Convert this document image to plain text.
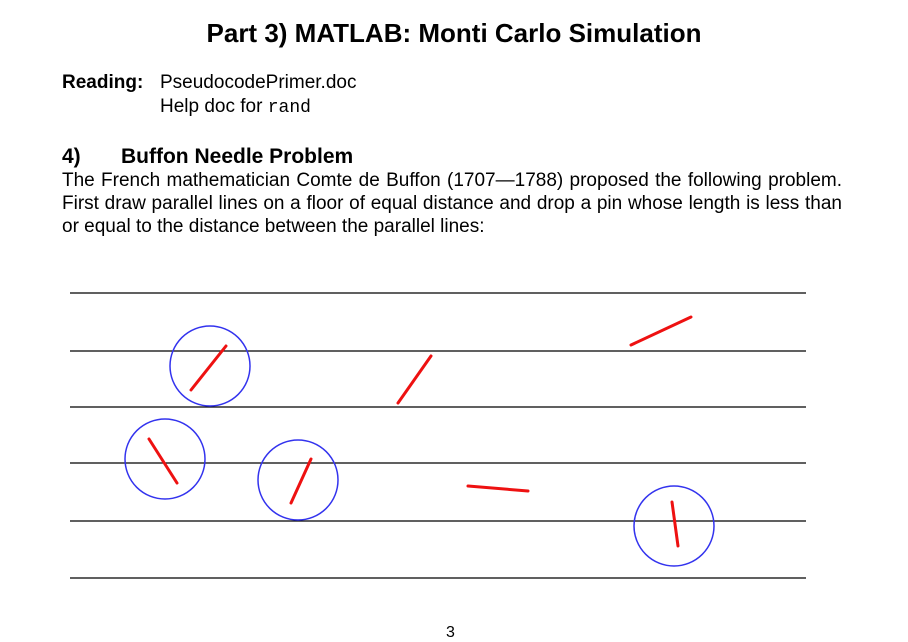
Part 3) MATLAB: Monti Carlo Simulation
Reading: PseudocodePrimer.doc
Help doc for rand
4) Buffon Needle Problem
The French mathematician Comte de Buffon (1707—1788) proposed the following problem. First draw parallel lines on a floor of equal distance and drop a pin whose length is less than or equal to the distance between the parallel lines:
3
